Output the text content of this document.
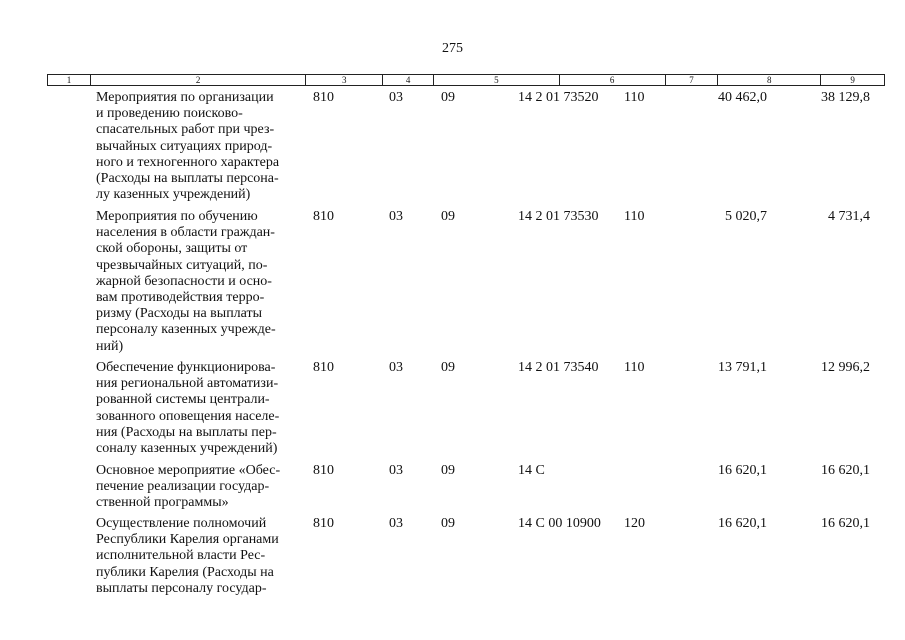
275
1	2	3	4	5	6	7	8	9
Мероприятия по организации
и проведению поисково-
спасательных работ при чрез-
вычайных ситуациях природ-
ного и техногенного характера
(Расходы на выплаты персона-
лу казенных учреждений)
810	03	09	14 2 01 73520 110	40 462,0	38 129,8
Мероприятия по обучению
населения в области граждан-
ской обороны, защиты от
чрезвычайных ситуаций, по-
жарной безопасности и осно-
вам противодействия терро-
ризму (Расходы на выплаты
персоналу казенных учрежде-
ний)
810	03	09	14 2 01 73530 110	5 020,7	4 731,4
Обеспечение функционирова-
ния региональной автоматизи-
рованной системы централи-
зованного оповещения населе-
ния (Расходы на выплаты пер-
соналу казенных учреждений)
810	03	09	14 2 01 73540 110	13 791,1	12 996,2
Основное мероприятие «Обес-
печение реализации государ-
ственной программы»
810	03	09	14 С	16 620,1	16 620,1
Осуществление полномочий
Республики Карелия органами
исполнительной власти Рес-
публики Карелия (Расходы на
выплаты персоналу государ-
810	03	09	14 С 00 10900 120	16 620,1	16 620,1
